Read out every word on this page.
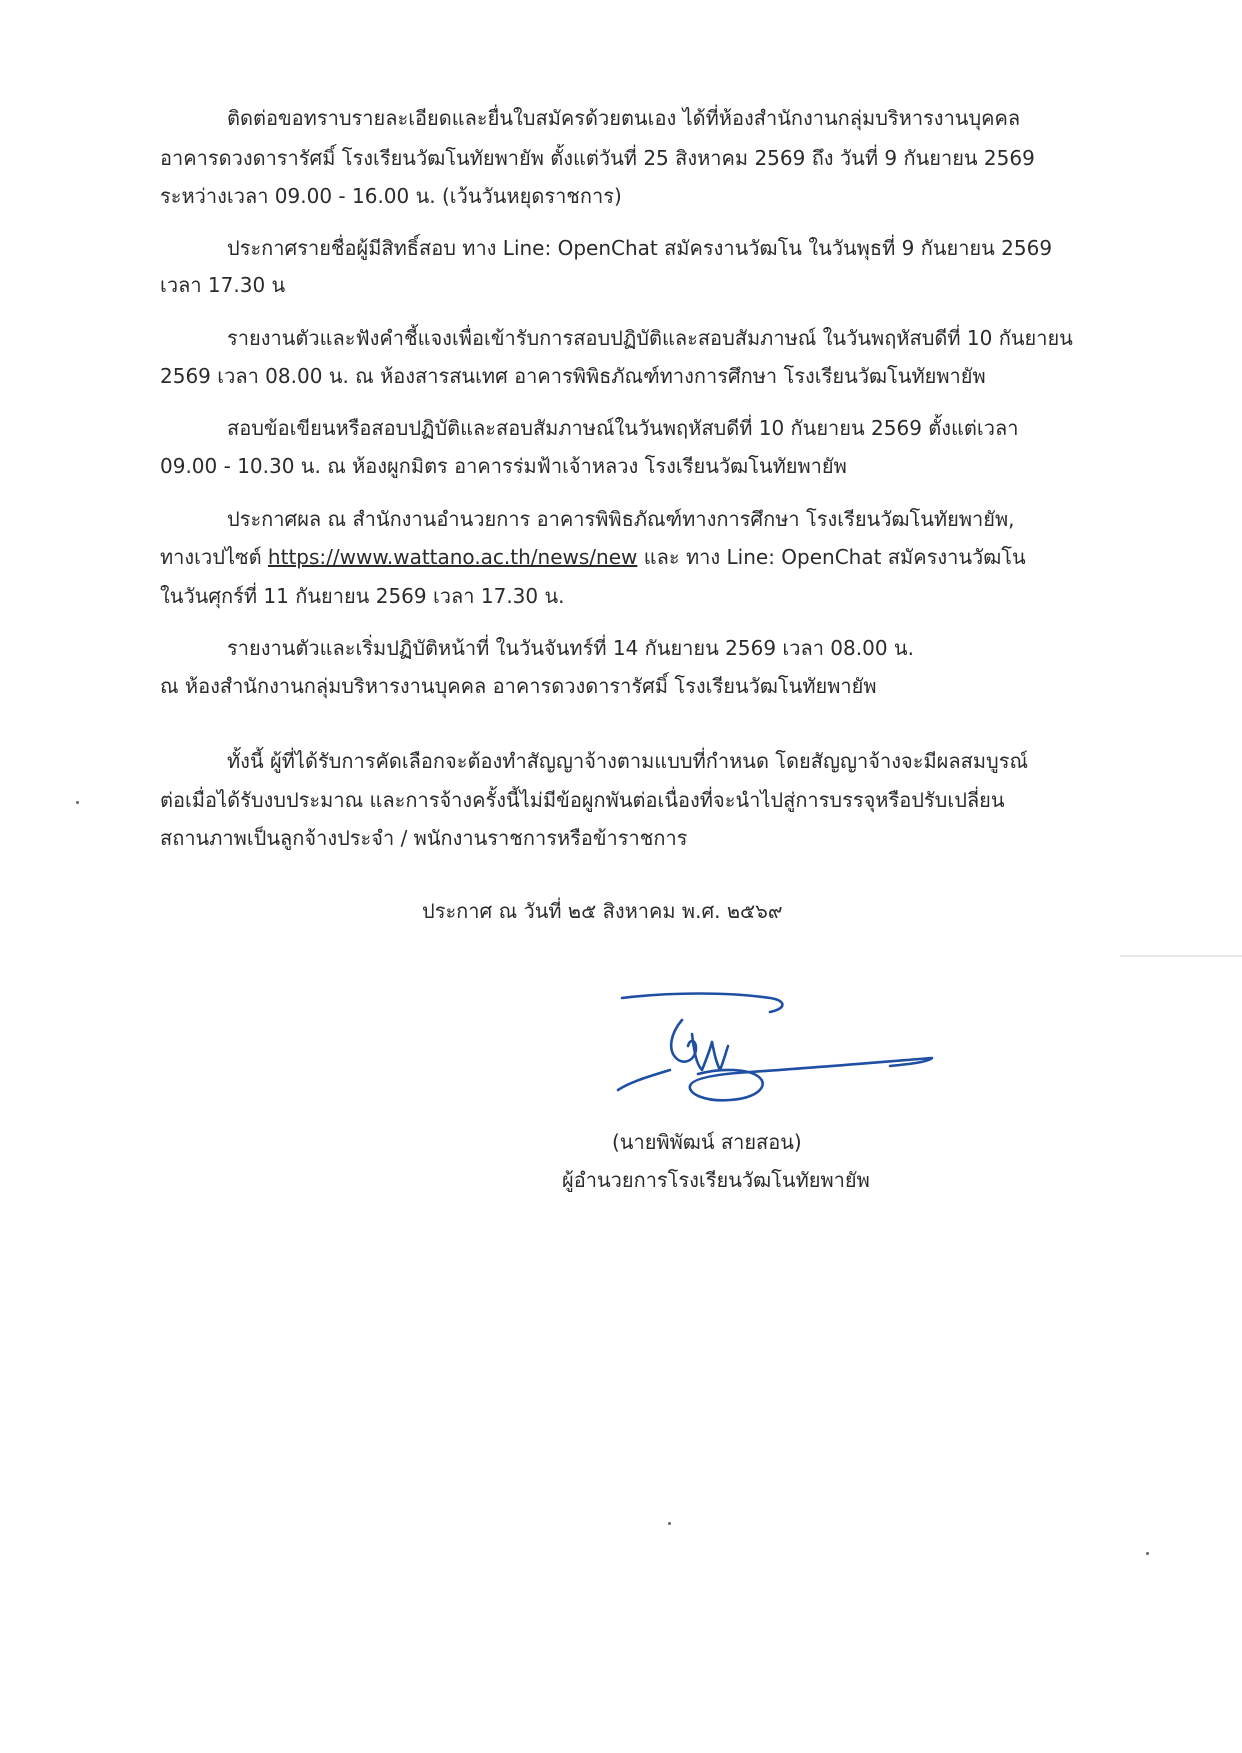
ติดต่อขอทราบรายละเอียดและยื่นใบสมัครด้วยตนเอง ได้ที่ห้องสำนักงานกลุ่มบริหารงานบุคคล
อาคารดวงดารารัศมิ์ โรงเรียนวัฒโนทัยพายัพ ตั้งแต่วันที่ 25 สิงหาคม 2569 ถึง วันที่ 9 กันยายน 2569
ระหว่างเวลา 09.00 - 16.00 น. (เว้นวันหยุดราชการ)
ประกาศรายชื่อผู้มีสิทธิ์สอบ ทาง Line: OpenChat สมัครงานวัฒโน ในวันพุธที่ 9 กันยายน 2569
เวลา 17.30 น
รายงานตัวและฟังคำชี้แจงเพื่อเข้ารับการสอบปฏิบัติและสอบสัมภาษณ์ ในวันพฤหัสบดีที่ 10 กันยายน
2569 เวลา 08.00 น. ณ ห้องสารสนเทศ อาคารพิพิธภัณฑ์ทางการศึกษา โรงเรียนวัฒโนทัยพายัพ
สอบข้อเขียนหรือสอบปฏิบัติและสอบสัมภาษณ์ในวันพฤหัสบดีที่ 10 กันยายน 2569 ตั้งแต่เวลา
09.00 - 10.30 น. ณ ห้องผูกมิตร อาคารร่มฟ้าเจ้าหลวง โรงเรียนวัฒโนทัยพายัพ
ประกาศผล ณ สำนักงานอำนวยการ อาคารพิพิธภัณฑ์ทางการศึกษา โรงเรียนวัฒโนทัยพายัพ,
ทางเวปไซต์ https://www.wattano.ac.th/news/new และ ทาง Line: OpenChat สมัครงานวัฒโน
ในวันศุกร์ที่ 11 กันยายน 2569 เวลา 17.30 น.
รายงานตัวและเริ่มปฏิบัติหน้าที่ ในวันจันทร์ที่ 14 กันยายน 2569 เวลา 08.00 น.
ณ ห้องสำนักงานกลุ่มบริหารงานบุคคล อาคารดวงดารารัศมิ์ โรงเรียนวัฒโนทัยพายัพ
ทั้งนี้ ผู้ที่ได้รับการคัดเลือกจะต้องทำสัญญาจ้างตามแบบที่กำหนด โดยสัญญาจ้างจะมีผลสมบูรณ์
ต่อเมื่อได้รับงบประมาณ และการจ้างครั้งนี้ไม่มีข้อผูกพันต่อเนื่องที่จะนำไปสู่การบรรจุหรือปรับเปลี่ยน
สถานภาพเป็นลูกจ้างประจำ / พนักงานราชการหรือข้าราชการ
ประกาศ ณ วันที่ ๒๕ สิงหาคม พ.ศ. ๒๕๖๙
(นายพิพัฒน์ สายสอน)
ผู้อำนวยการโรงเรียนวัฒโนทัยพายัพ
